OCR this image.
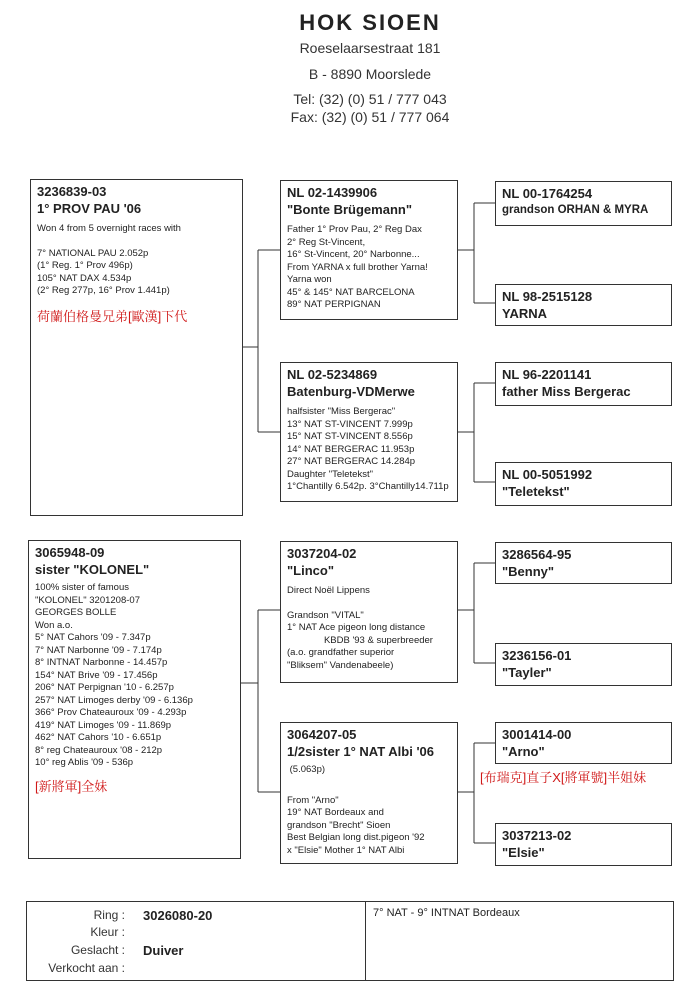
HOK SIOEN
Roeselaarsestraat 181
B - 8890 Moorslede
Tel: (32) (0) 51 / 777 043
Fax: (32) (0) 51 / 777 064
3236839-03
1° PROV PAU '06
Won 4 from 5 overnight races with
7° NATIONAL PAU 2.052p
(1° Reg. 1° Prov 496p)
105° NAT DAX 4.534p
(2° Reg 277p, 16° Prov 1.441p)
荷蘭伯格曼兄弟[歐漢]下代
NL 02-1439906
"Bonte Brügemann"
Father 1° Prov Pau, 2° Reg Dax
2° Reg St-Vincent,
16° St-Vincent, 20° Narbonne...
From YARNA x full brother Yarna!
Yarna won
45° & 145° NAT BARCELONA
89° NAT PERPIGNAN
NL 00-1764254
grandson ORHAN & MYRA
NL 98-2515128
YARNA
NL 02-5234869
Batenburg-VDMerwe
halfsister "Miss Bergerac"
13° NAT ST-VINCENT 7.999p
15° NAT ST-VINCENT 8.556p
14° NAT BERGERAC 11.953p
27° NAT BERGERAC 14.284p
Daughter "Teletekst"
1°Chantilly 6.542p. 3°Chantilly14.711p
NL 96-2201141
father Miss Bergerac
NL 00-5051992
"Teletekst"
3065948-09
sister "KOLONEL"
100% sister of famous
"KOLONEL" 3201208-07
GEORGES BOLLE
Won a.o.
5° NAT Cahors '09 - 7.347p
7° NAT Narbonne '09 - 7.174p
8° INTNAT Narbonne - 14.457p
154° NAT Brive '09 - 17.456p
206° NAT Perpignan '10 - 6.257p
257° NAT Limoges derby '09 - 6.136p
366° Prov Chateauroux '09 - 4.293p
419° NAT Limoges '09 - 11.869p
462° NAT Cahors '10 - 6.651p
8° reg Chateauroux '08 - 212p
10° reg Ablis '09 - 536p
[新將軍]全妹
3037204-02
"Linco"
Direct Noël Lippens
Grandson "VITAL"
1° NAT Ace pigeon long distance
KBDB '93 & superbreeder
(a.o. grandfather superior
"Bliksem" Vandenabeele)
3286564-95
"Benny"
3236156-01
"Tayler"
3064207-05
1/2sister 1° NAT Albi '06
(5.063p)
From "Arno"
19° NAT Bordeaux and
grandson "Brecht" Sioen
Best Belgian long dist.pigeon '92
x "Elsie" Mother 1° NAT Albi
3001414-00
"Arno"
[布瑞克]直子X[將軍號]半姐妹
3037213-02
"Elsie"
Ring : 3026080-20
Kleur :
Geslacht : Duiver
Verkocht aan :
7° NAT - 9° INTNAT Bordeaux
